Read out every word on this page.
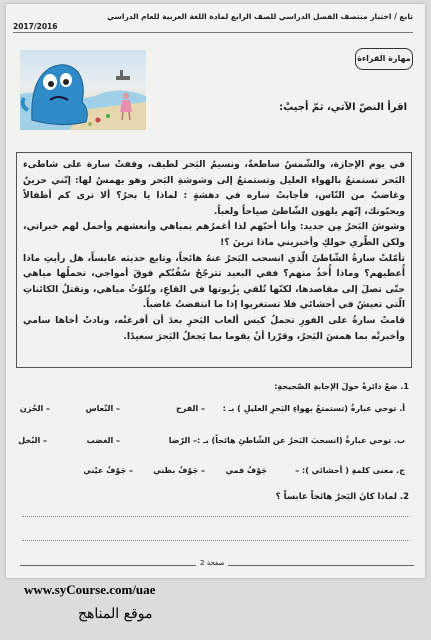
تابع / اختبار منتصف الفصل الدراسي للصف الرابع لمادة اللغة العربية للعام الدراسي
2017/2016
مهارة القراءة
اقرأ النصّ الآتي، ثمّ أجيبْ:

في يوم الإجازة، والشّمسُ ساطعةٌ، ونسيمُ البَحر لطيف، وقفتْ سارة على شاطىء البَحر تستمتعُ بالهواء العليل وتستمتعُ إلى وشوشةِ البَحر وهو يهمسُ لها: إنّني حزينٌ وغاضبٌ من النّاس، فأجابتْ ساره في دهشةٍ : لماذا يا بحرُ؟ ألا ترى كم أطفالاً ويحبّونك، إنّهم يلهون الشّاطئ صياحاً ولعباً.

وشوشَ البَحرُ مِن جديد: وأنا أحبّهم لذا أغمرُهم بمياهي وأنعشهم وأحمل لهم خيراتي، ولكن الطّري حولكِ وأخبريني ماذا ترينَ ؟!

تأمّلتْ سارةُ الشّاطئَ الّذي انسحب البَحرُ عنهُ هائجاً، وتابع حديثه عابساً، هل رأيتِ ماذا أُعطيهم؟ وماذا أُخذُ منهم؟ ففي البعيد تترجّحُ سُفُنُكم فوقَ أمواجي، تحملُها مياهي حتّى تصلَ إلى مقاصدها، لكنّها تُلقي بِزُيوتها في القاعِ، وتُلوّثُ مياهي، وتقتلُ الكائناتِ الّتي تعيشُ في أحشائي فلا تستغربوا إذا ما انتفضتُ غاضباً.

قامتْ سارةُ على الفورِ تحملُ كيس ألعاب البَحرِ بعدَ أن أفرغتْه، ونادتْ أخاها سامي وأخبرتْه بما همسَ البَحرُ، وقرّرا أنْ يقوما بما يَجعلُ البَحرَ سعيدًا.

1. ضعْ دائرةً حولَ الإجابةِ الصّحيحةِ:
أ. توحي عبارةُ (تستمتعُ بهواءِ البَحرِ العليلِ ) بـ :
– الفرح
– النّعاس
– الحُزن
ب. توحي عبارةُ (انسحبَ البَحرُ عن الشّاطئِ هائجاً) بـ :
– الرّضا
– الغضب
– البُخل
ج. معنى كلمةِ ( أحشائي ): –
جَوْفُ فمي
– جَوْفُ بطني
– جَوْفُ عيْني
2. لماذا كانَ البَحرُ هائجاً عابساً ؟
صفحة 2
www.syCourse.com/uae
موقع المناهج
